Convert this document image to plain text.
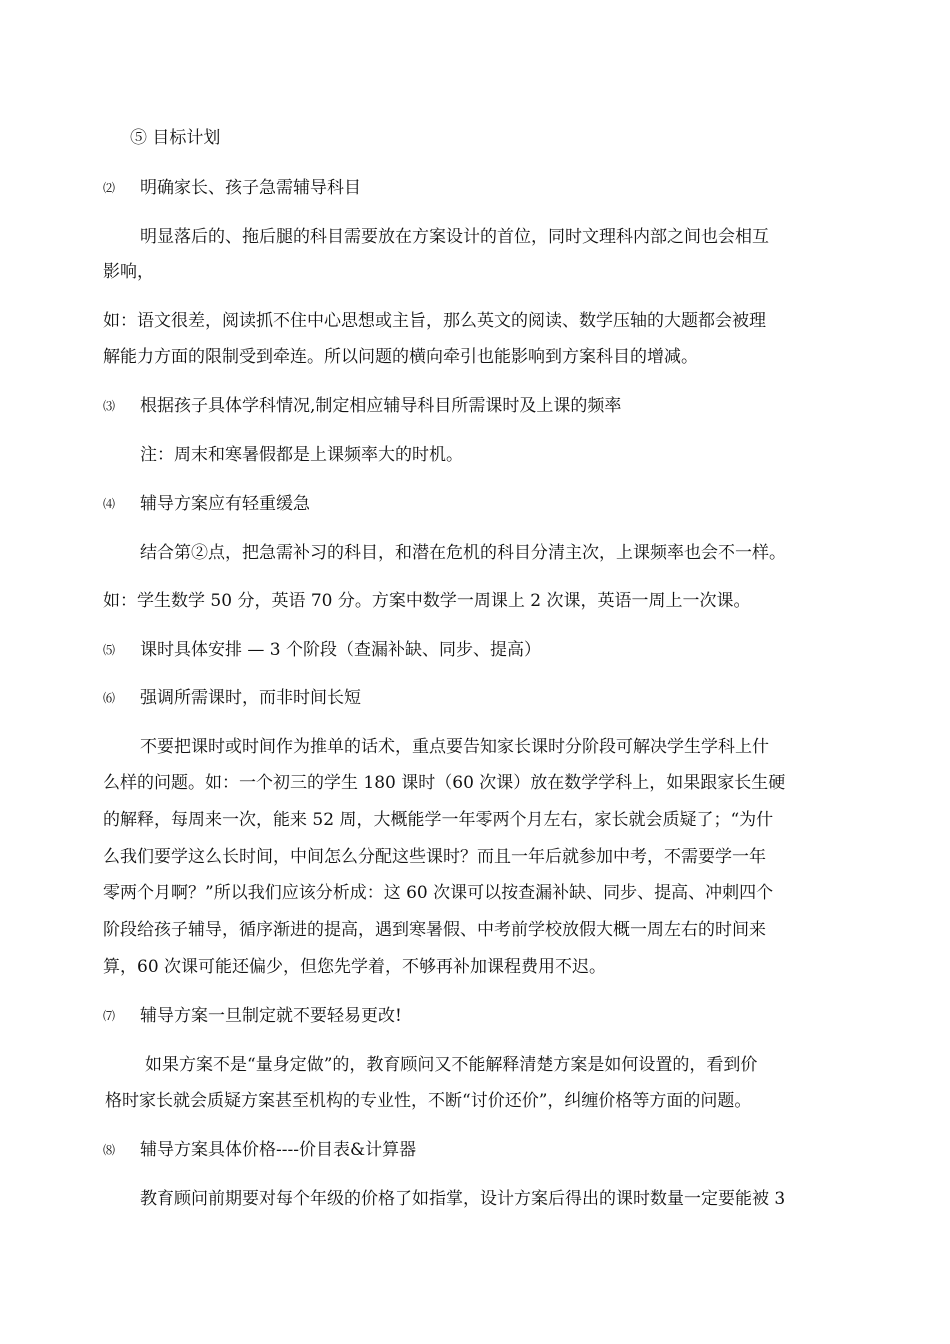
⑤ 目标计划
⑵ 明确家长、孩子急需辅导科目
明显落后的、拖后腿的科目需要放在方案设计的首位，同时文理科内部之间也会相互
影响，
如：语文很差，阅读抓不住中心思想或主旨，那么英文的阅读、数学压轴的大题都会被理
解能力方面的限制受到牵连。所以问题的横向牵引也能影响到方案科目的增减。
⑶ 根据孩子具体学科情况,制定相应辅导科目所需课时及上课的频率
注：周末和寒暑假都是上课频率大的时机。
⑷ 辅导方案应有轻重缓急
结合第②点，把急需补习的科目，和潜在危机的科目分清主次，上课频率也会不一样。
如：学生数学 50 分，英语 70 分。方案中数学一周课上 2 次课，英语一周上一次课。
⑸ 课时具体安排 — 3 个阶段（查漏补缺、同步、提高）
⑹ 强调所需课时，而非时间长短
不要把课时或时间作为推单的话术，重点要告知家长课时分阶段可解决学生学科上什
么样的问题。如：一个初三的学生 180 课时（60 次课）放在数学学科上，如果跟家长生硬
的解释，每周来一次，能来 52 周，大概能学一年零两个月左右，家长就会质疑了；“为什
么我们要学这么长时间，中间怎么分配这些课时？而且一年后就参加中考，不需要学一年
零两个月啊？”所以我们应该分析成：这 60 次课可以按查漏补缺、同步、提高、冲刺四个
阶段给孩子辅导，循序渐进的提高，遇到寒暑假、中考前学校放假大概一周左右的时间来
算，60 次课可能还偏少，但您先学着，不够再补加课程费用不迟。
⑺ 辅导方案一旦制定就不要轻易更改!
如果方案不是“量身定做”的，教育顾问又不能解释清楚方案是如何设置的，看到价
格时家长就会质疑方案甚至机构的专业性，不断“讨价还价”，纠缠价格等方面的问题。
⑻ 辅导方案具体价格----价目表&计算器
教育顾问前期要对每个年级的价格了如指掌，设计方案后得出的课时数量一定要能被 3
